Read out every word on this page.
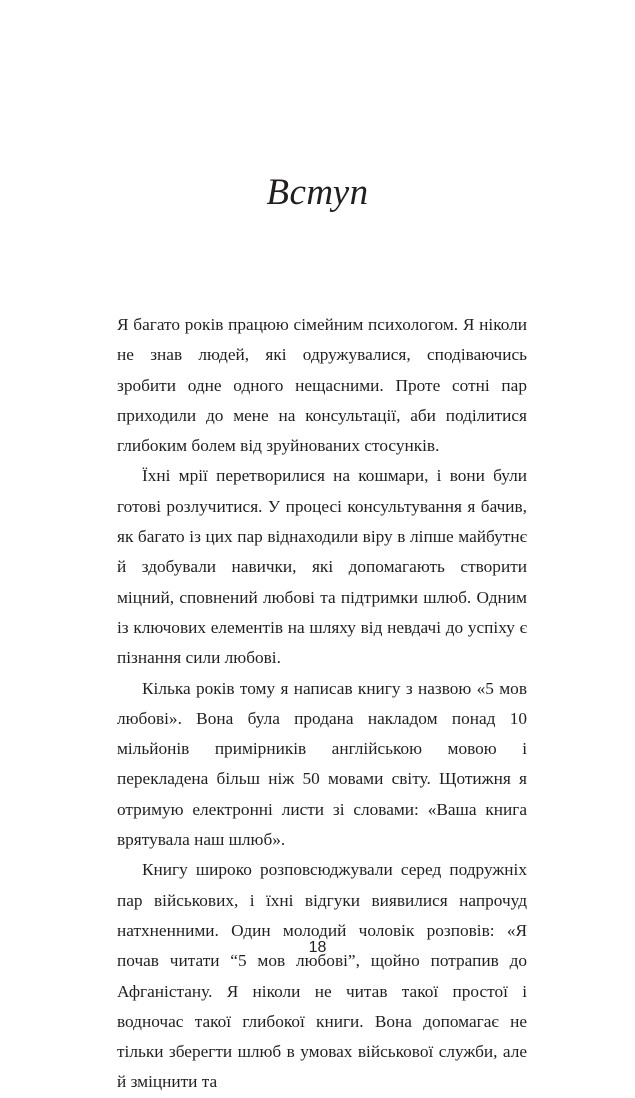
Вступ

Я багато років працюю сімейним психологом. Я ніколи не знав людей, які одружувалися, сподіваючись зробити одне одного нещасними. Проте сотні пар приходили до мене на консультації, аби поділитися глибоким болем від зруйнованих стосунків.

Їхні мрії перетворилися на кошмари, і вони були готові розлучитися. У процесі консультування я бачив, як багато із цих пар віднаходили віру в ліпше майбутнє й здобували навички, які допомагають створити міцний, сповнений любові та підтримки шлюб. Одним із ключових елементів на шляху від невдачі до успіху є пізнання сили любові.

Кілька років тому я написав книгу з назвою «5 мов любові». Вона була продана накладом понад 10 мільйонів примірників англійською мовою і перекладена більш ніж 50 мовами світу. Щотижня я отримую електронні листи зі словами: «Ваша книга врятувала наш шлюб».

Книгу широко розповсюджували серед подружніх пар військових, і їхні відгуки виявилися напрочуд натхненними. Один молодий чоловік розповів: «Я почав читати “5 мов любові”, щойно потрапив до Афганістану. Я ніколи не читав такої простої і водночас такої глибокої книги. Вона допомагає не тільки зберегти шлюб в умовах військової служби, але й зміцнити та

18
